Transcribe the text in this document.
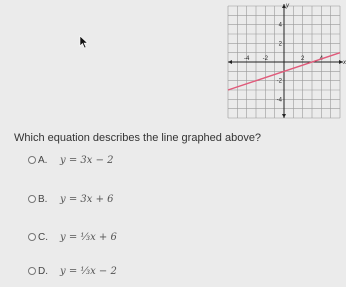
-4 -2	2
4
2
-2
-4
x
y
Which equation describes the line graphed above?
A.	y = 3x − 2
B.	y = 3x + 6
C.	y = ⅓x + 6
D.	y = ⅓x − 2
